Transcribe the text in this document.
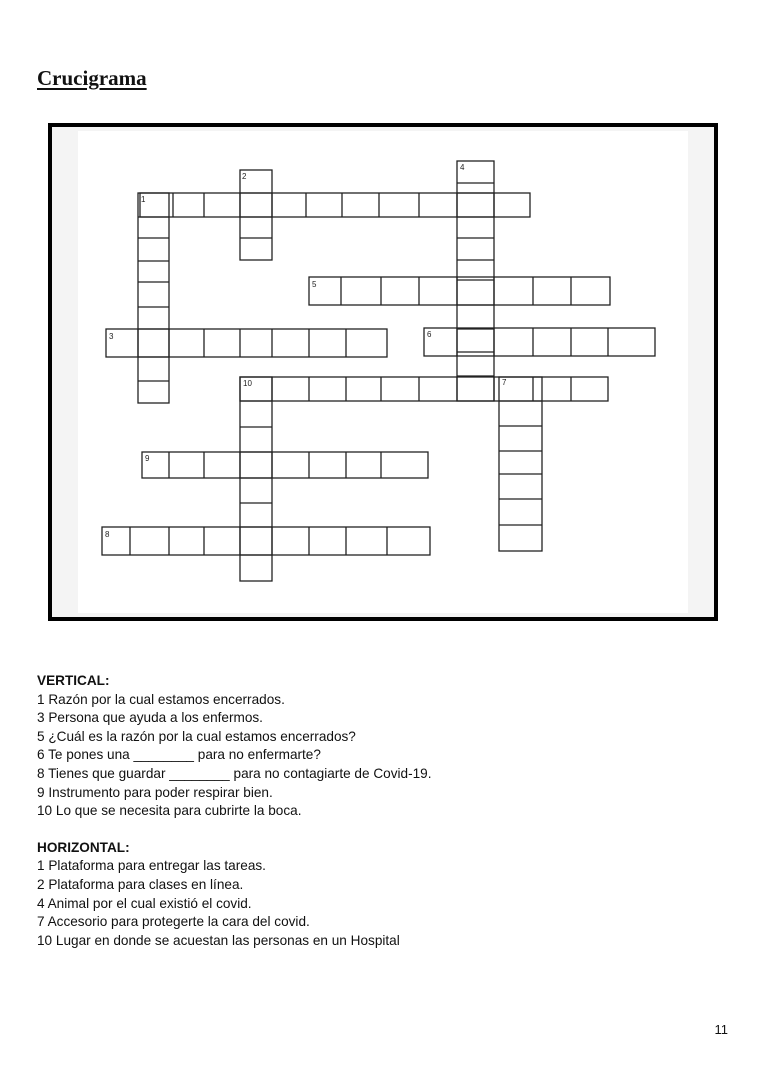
Crucigrama
1
2
4
5
3	6
10	7
9
8
VERTICAL:
1 Razón por la cual estamos encerrados.
3 Persona que ayuda a los enfermos.
5 ¿Cuál es la razón por la cual estamos encerrados?
6 Te pones una ________ para no enfermarte?
8 Tienes que guardar ________ para no contagiarte de Covid-19.
9 Instrumento para poder respirar bien.
10 Lo que se necesita para cubrirte la boca.
HORIZONTAL:
1 Plataforma para entregar las tareas.
2 Plataforma para clases en línea.
4 Animal por el cual existió el covid.
7 Accesorio para protegerte la cara del covid.
10 Lugar en donde se acuestan las personas en un Hospital
11
